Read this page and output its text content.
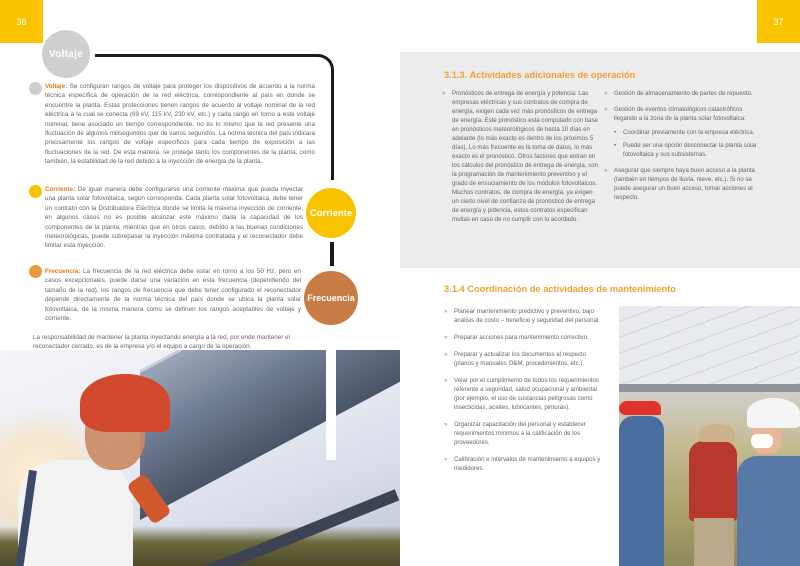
36
Voltaje
Corriente
Frecuencia

Voltaje: Se configuran rangos de voltaje para proteger los dispositivos de acuerdo a la norma técnica específica de operación de la red eléctrica, correspondiente al país en donde se encuentre la planta. Estas protecciones tienen rangos de acuerdo al voltaje nominal de la red eléctrica a la cual se conecta (69 kV, 115 kV, 230 kV, etc.) y cada rango en torno a este voltaje nominal, tiene asociado un tiempo correspondiente, no es lo mismo que la red presente una fluctuación de algunos milisegundos que de varios segundos. La norma técnica del país indicara precisamente los rangos de voltaje específicos para cada tiempo de exposición a las fluctuaciones de la red. De esta manera, se protege tanto los componentes de la planta, como también, la estabilidad de la red debido a la inyección de energía de la planta.

Corriente: De igual manera debe configurarse una corriente máxima que pueda inyectar una planta solar fotovoltaica, según corresponda. Cada planta solar fotovoltaica, debe tener un contrato con la Distribuidora Eléctrica donde se limita la máxima inyección de corriente, en algunos casos no es posible alcanzar este máximo dada la capacidad de los componentes de la planta, mientras que en otros casos, debido a las buenas condiciones meteorológicas, puede sobrepasar la inyección máxima contratada y el reconectador debe limitar esta inyección.

Frecuencia: La frecuencia de la red eléctrica debe estar en torno a los 50 Hz, pero en casos excepcionales, puede darse una variación en esta frecuencia (dependiendo del tamaño de la red), los rangos de frecuencia que debe tener configurado el reconectador depende directamente de la norma técnica del país donde se ubica la planta solar fotovoltaica, de la misma manera como se definen los rangos aceptables de voltaje y corriente.

La responsabilidad de mantener la planta inyectando energía a la red, por ende mantener el reconectador cerrado, es de la empresa y/o el equipo a cargo de la operación.

37
3.1.3. Actividades adicionales de operación
» Pronósticos de entrega de energía y potencia: Las empresas eléctricas y sus contratos de compra de energía, exigen cada vez más pronósticos de entrega de energía. Este pronóstico está computado con base en pronósticos meteorológicos de hasta 10 días en adelante (lo más exacto es dentro de los próximos 5 días). Lo más frecuente es la toma de datos, lo más exacto es el pronóstico. Otros factores que entran en los cálculos del pronóstico de entrega de energía, son la programación de mantenimiento preventivo y el grado de ensuciamiento de los módulos fotovoltaicos. Muchos contratos, de compra de energía, ya exigen un cierto nivel de confianza de pronóstico de entrega de energía y potencia, estos contratos especifican multas en caso de no cumplir con lo acordado.
» Gestión de almacenamiento de partes de repuesto.
» Gestión de eventos climatológicos catastróficos llegando a la zona de la planta solar fotovoltaica:
• Coordinar previamente con la empresa eléctrica.
• Puede ser una opción desconectar la planta solar fotovoltaica y sus subsistemas.
» Asegurar que siempre haya buen acceso a la planta (también en tiempos de lluvia, nieve, etc.). Si no se puede asegurar un buen acceso, tomar acciones al respecto.
3.1.4 Coordinación de actividades de mantenimiento
» Planear mantenimiento predictivo y preventivo, bajo análisis de costo – beneficio y seguridad del personal.
» Preparar acciones para mantenimiento correctivo.
» Preparar y actualizar los documentos al respecto (planos y manuales O&M, procedimientos, etc.).
» Velar por el cumplimiento de todos los requerimientos referente a seguridad, salud ocupacional y ambiental (por ejemplo, el uso de sustancias peligrosas como insecticidas, aceites, lubricantes, pinturas).
» Organizar capacitación del personal y establecer requerimientos mínimos a la calificación de los proveedores.
» Calibración e intervalos de mantenimiento a equipos y medidores.
